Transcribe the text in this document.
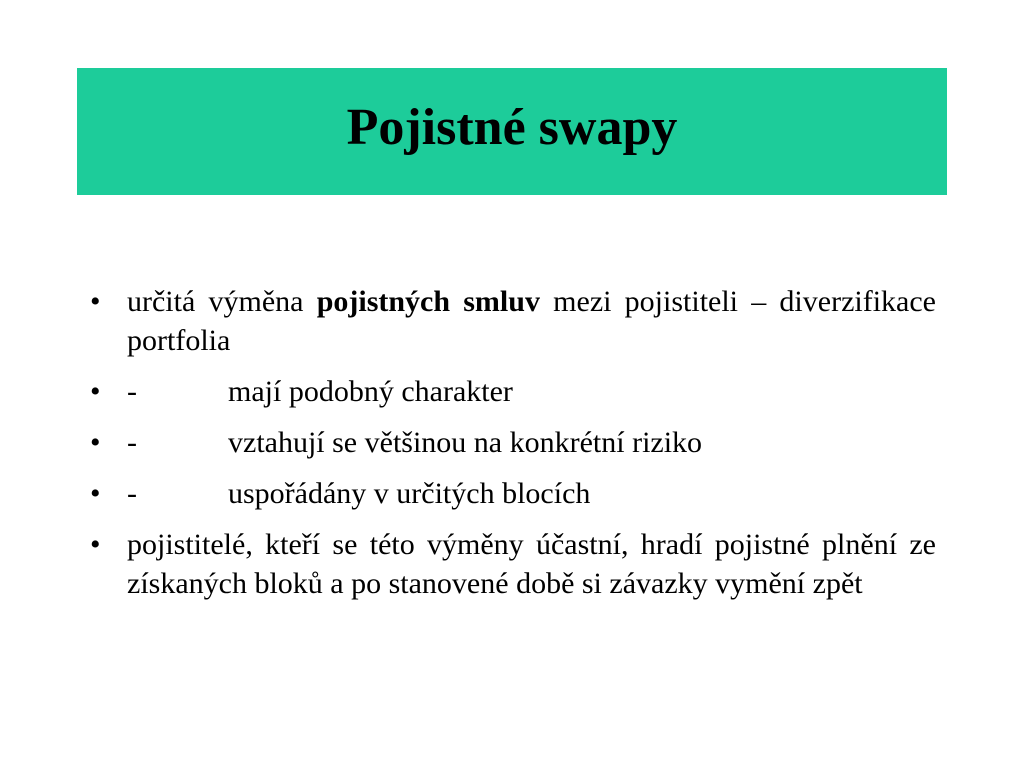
Pojistné swapy
• určitá výměna pojistných smluv mezi pojistiteli – diverzifikace portfolia
• -	mají podobný charakter
• -	vztahují se většinou na konkrétní riziko
• -	uspořádány v určitých blocích
• pojistitelé, kteří se této výměny účastní, hradí pojistné plnění ze získaných bloků a po stanovené době si závazky vymění zpět
